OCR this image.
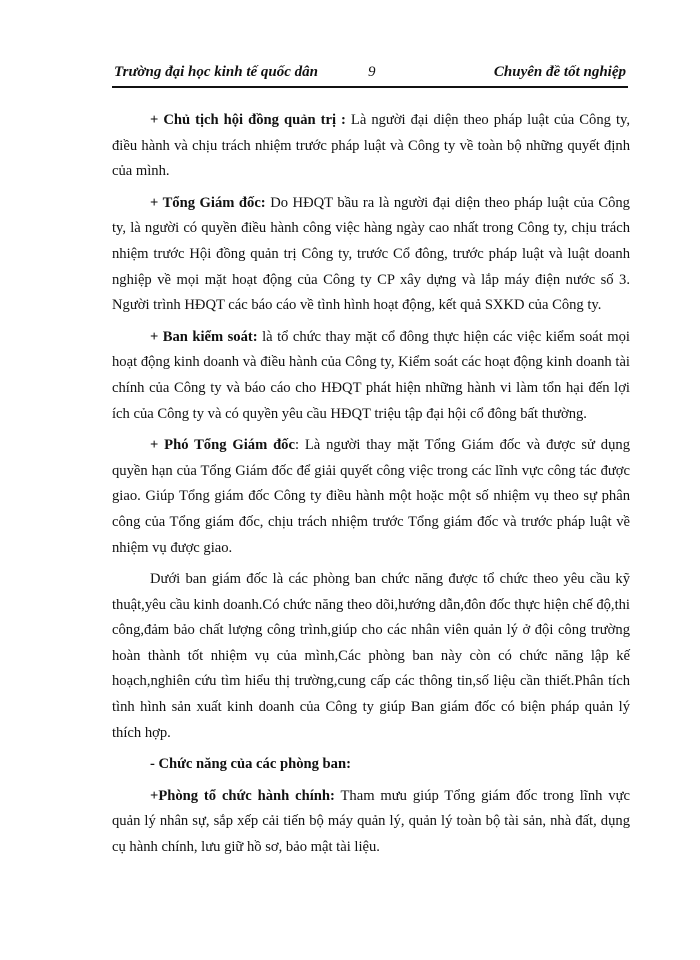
Trường đại học kinh tế quốc dân	9	Chuyên đề tốt nghiệp

+ Chủ tịch hội đồng quản trị : Là người đại diện theo pháp luật của Công ty, điều hành và chịu trách nhiệm trước pháp luật và Công ty về toàn bộ những quyết định của mình.

+ Tổng Giám đốc: Do HĐQT bầu ra là người đại diện theo pháp luật của Công ty, là người có quyền điều hành công việc hàng ngày cao nhất trong Công ty, chịu trách nhiệm trước Hội đồng quản trị Công ty, trước Cổ đông, trước pháp luật và luật doanh nghiệp về mọi mặt hoạt động của Công ty CP xây dựng và lắp máy điện nước số 3. Người trình HĐQT các báo cáo về tình hình hoạt động, kết quả SXKD của Công ty.

+ Ban kiểm soát: là tổ chức thay mặt cổ đông thực hiện các việc kiểm soát mọi hoạt động kinh doanh và điều hành của Công ty, Kiểm soát các hoạt động kinh doanh tài chính của Công ty và báo cáo cho HĐQT phát hiện những hành vi làm tổn hại đến lợi ích của Công ty và có quyền yêu cầu HĐQT triệu tập đại hội cổ đông bất thường.

+ Phó Tổng Giám đốc: Là người thay mặt Tổng Giám đốc và được sử dụng quyền hạn của Tổng Giám đốc để giải quyết công việc trong các lĩnh vực công tác được giao. Giúp Tổng giám đốc Công ty điều hành một hoặc một số nhiệm vụ theo sự phân công của Tổng giám đốc, chịu trách nhiệm trước Tổng giám đốc và trước pháp luật về nhiệm vụ được giao.

Dưới ban giám đốc là các phòng ban chức năng được tổ chức theo yêu cầu kỹ thuật,yêu cầu kinh doanh.Có chức năng theo dõi,hướng dẫn,đôn đốc thực hiện chế độ,thi công,đảm bảo chất lượng công trình,giúp cho các nhân viên quản lý ở đội công trường hoàn thành tốt nhiệm vụ của mình,Các phòng ban này còn có chức năng lập kế hoạch,nghiên cứu tìm hiểu thị trường,cung cấp các thông tin,số liệu cần thiết.Phân tích tình hình sản xuất kinh doanh của Công ty giúp Ban giám đốc có biện pháp quản lý thích hợp.

- Chức năng của các phòng ban:

+Phòng tổ chức hành chính: Tham mưu giúp Tổng giám đốc trong lĩnh vực quản lý nhân sự, sắp xếp cải tiến bộ máy quản lý, quản lý toàn bộ tài sản, nhà đất, dụng cụ hành chính, lưu giữ hồ sơ, bảo mật tài liệu.
